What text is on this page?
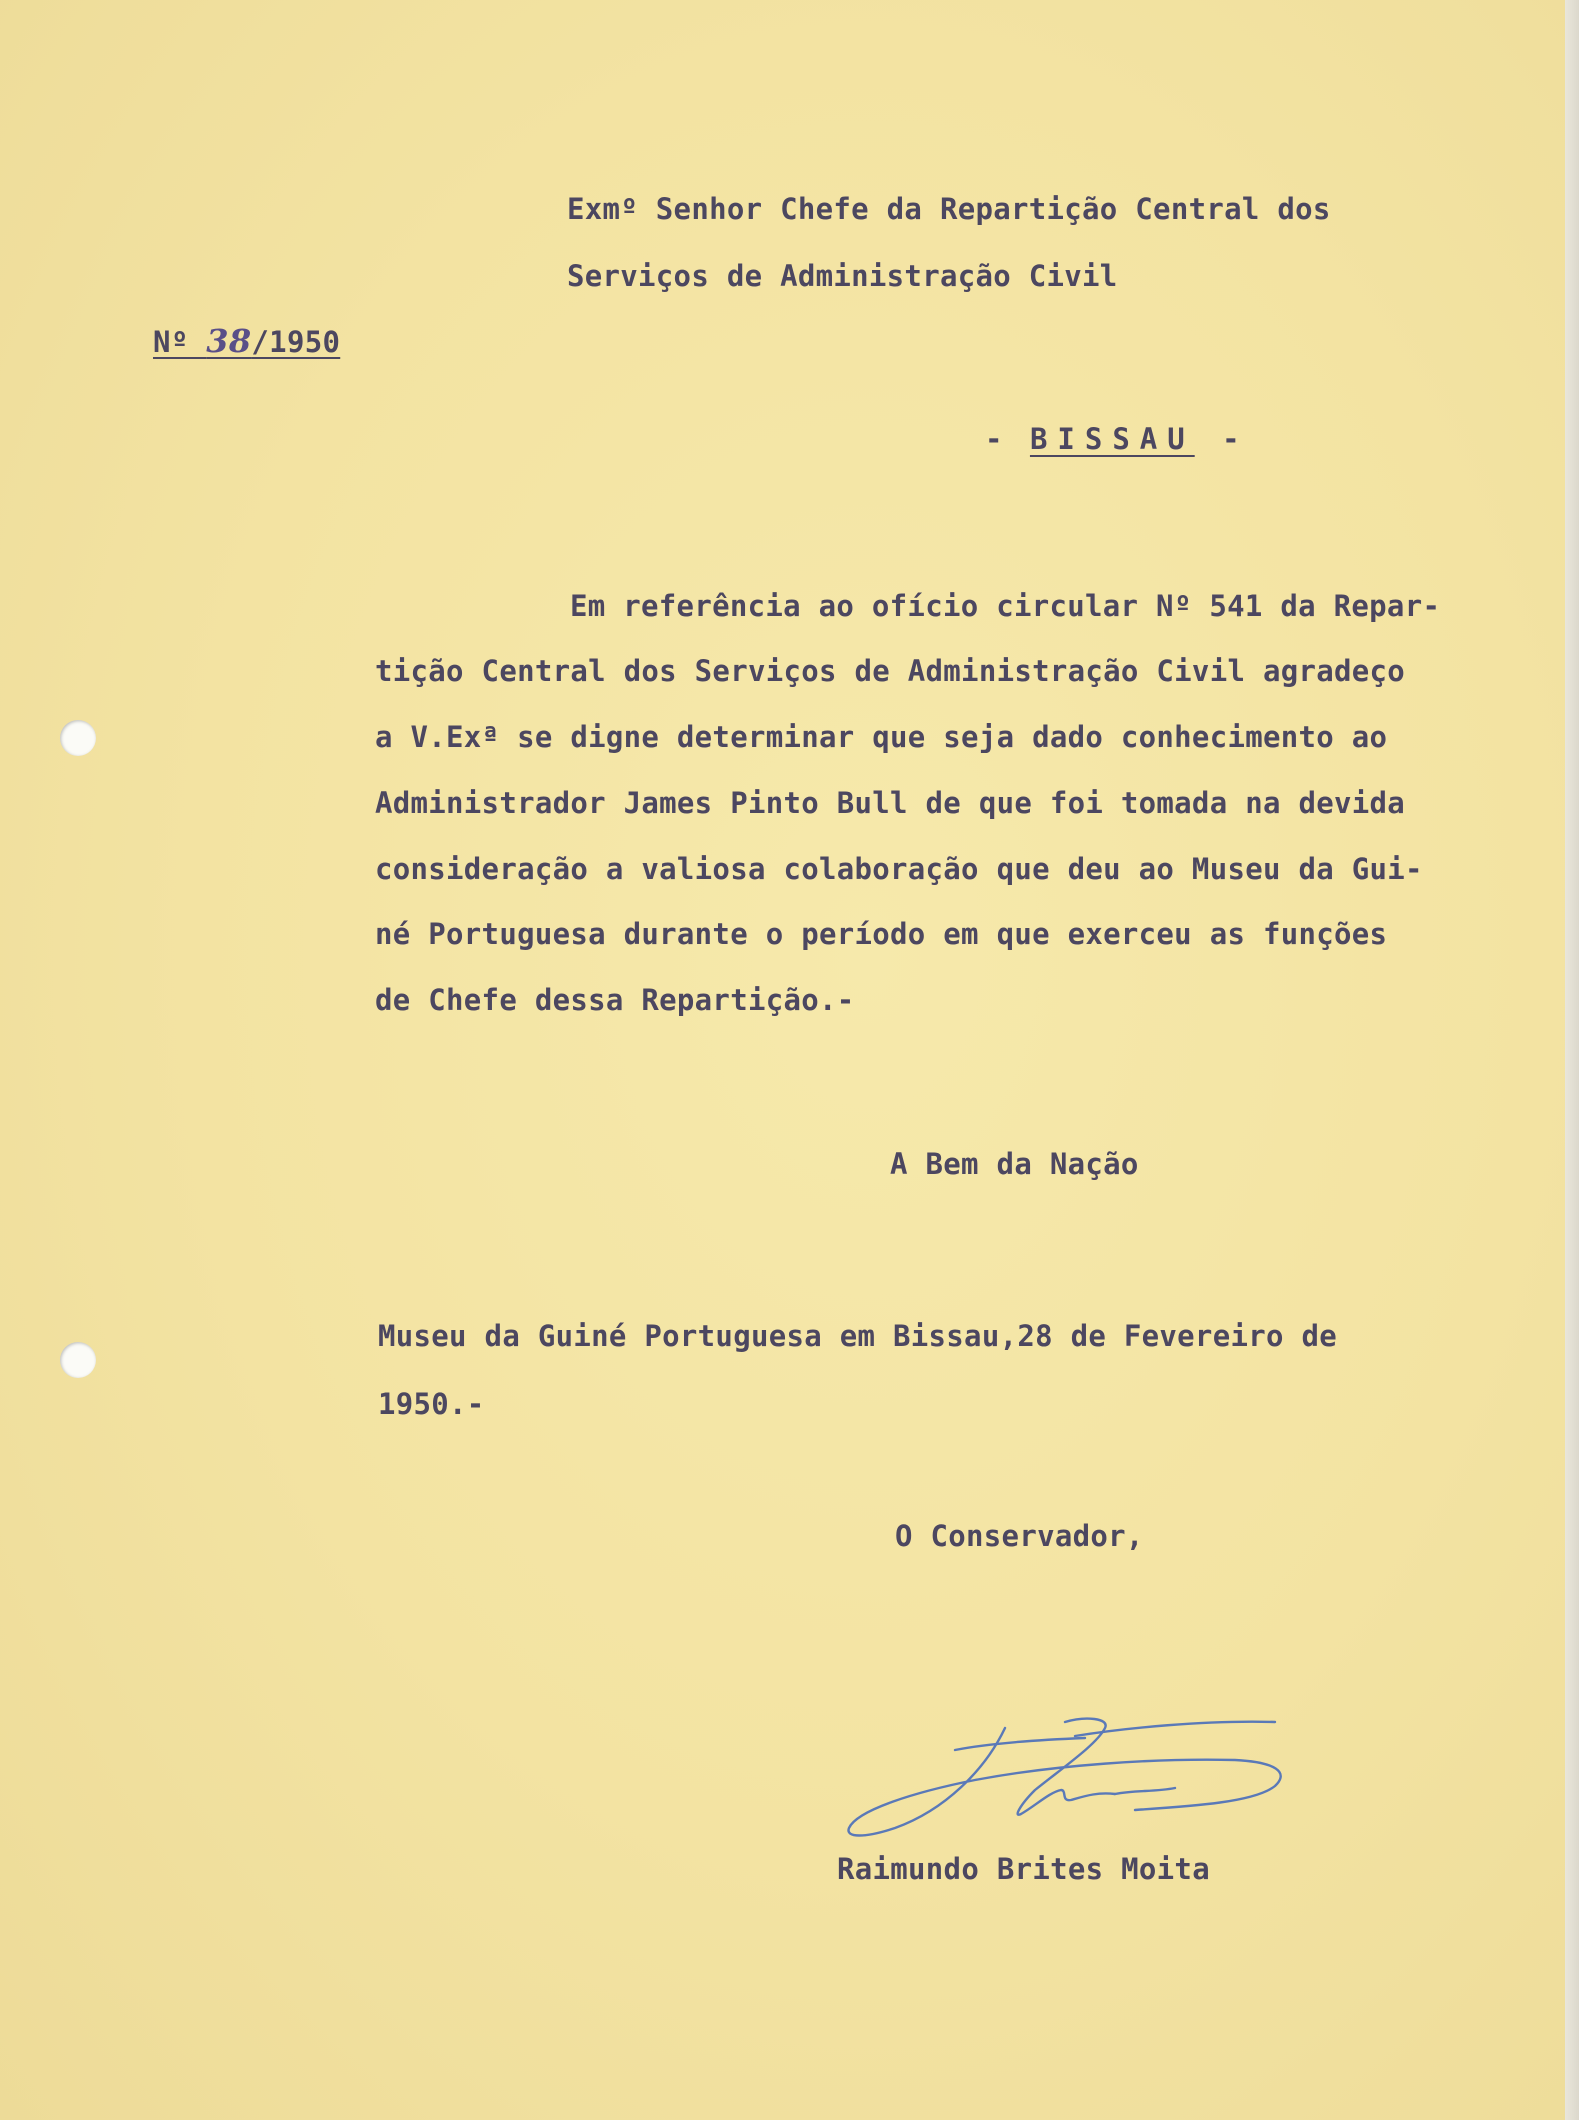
Exmº Senhor Chefe da Repartição Central dos
Serviços de Administração Civil
Nº 38/1950
- BISSAU -
Em referência ao ofício circular Nº 541 da Repar-
tição Central dos Serviços de Administração Civil agradeço
a V.Exª se digne determinar que seja dado conhecimento ao
Administrador James Pinto Bull de que foi tomada na devida
consideração a valiosa colaboração que deu ao Museu da Gui-
né Portuguesa durante o período em que exerceu as funções
de Chefe dessa Repartição.-
A Bem da Nação
Museu da Guiné Portuguesa em Bissau,28 de Fevereiro de
1950.-
O Conservador,
Raimundo Brites Moita
